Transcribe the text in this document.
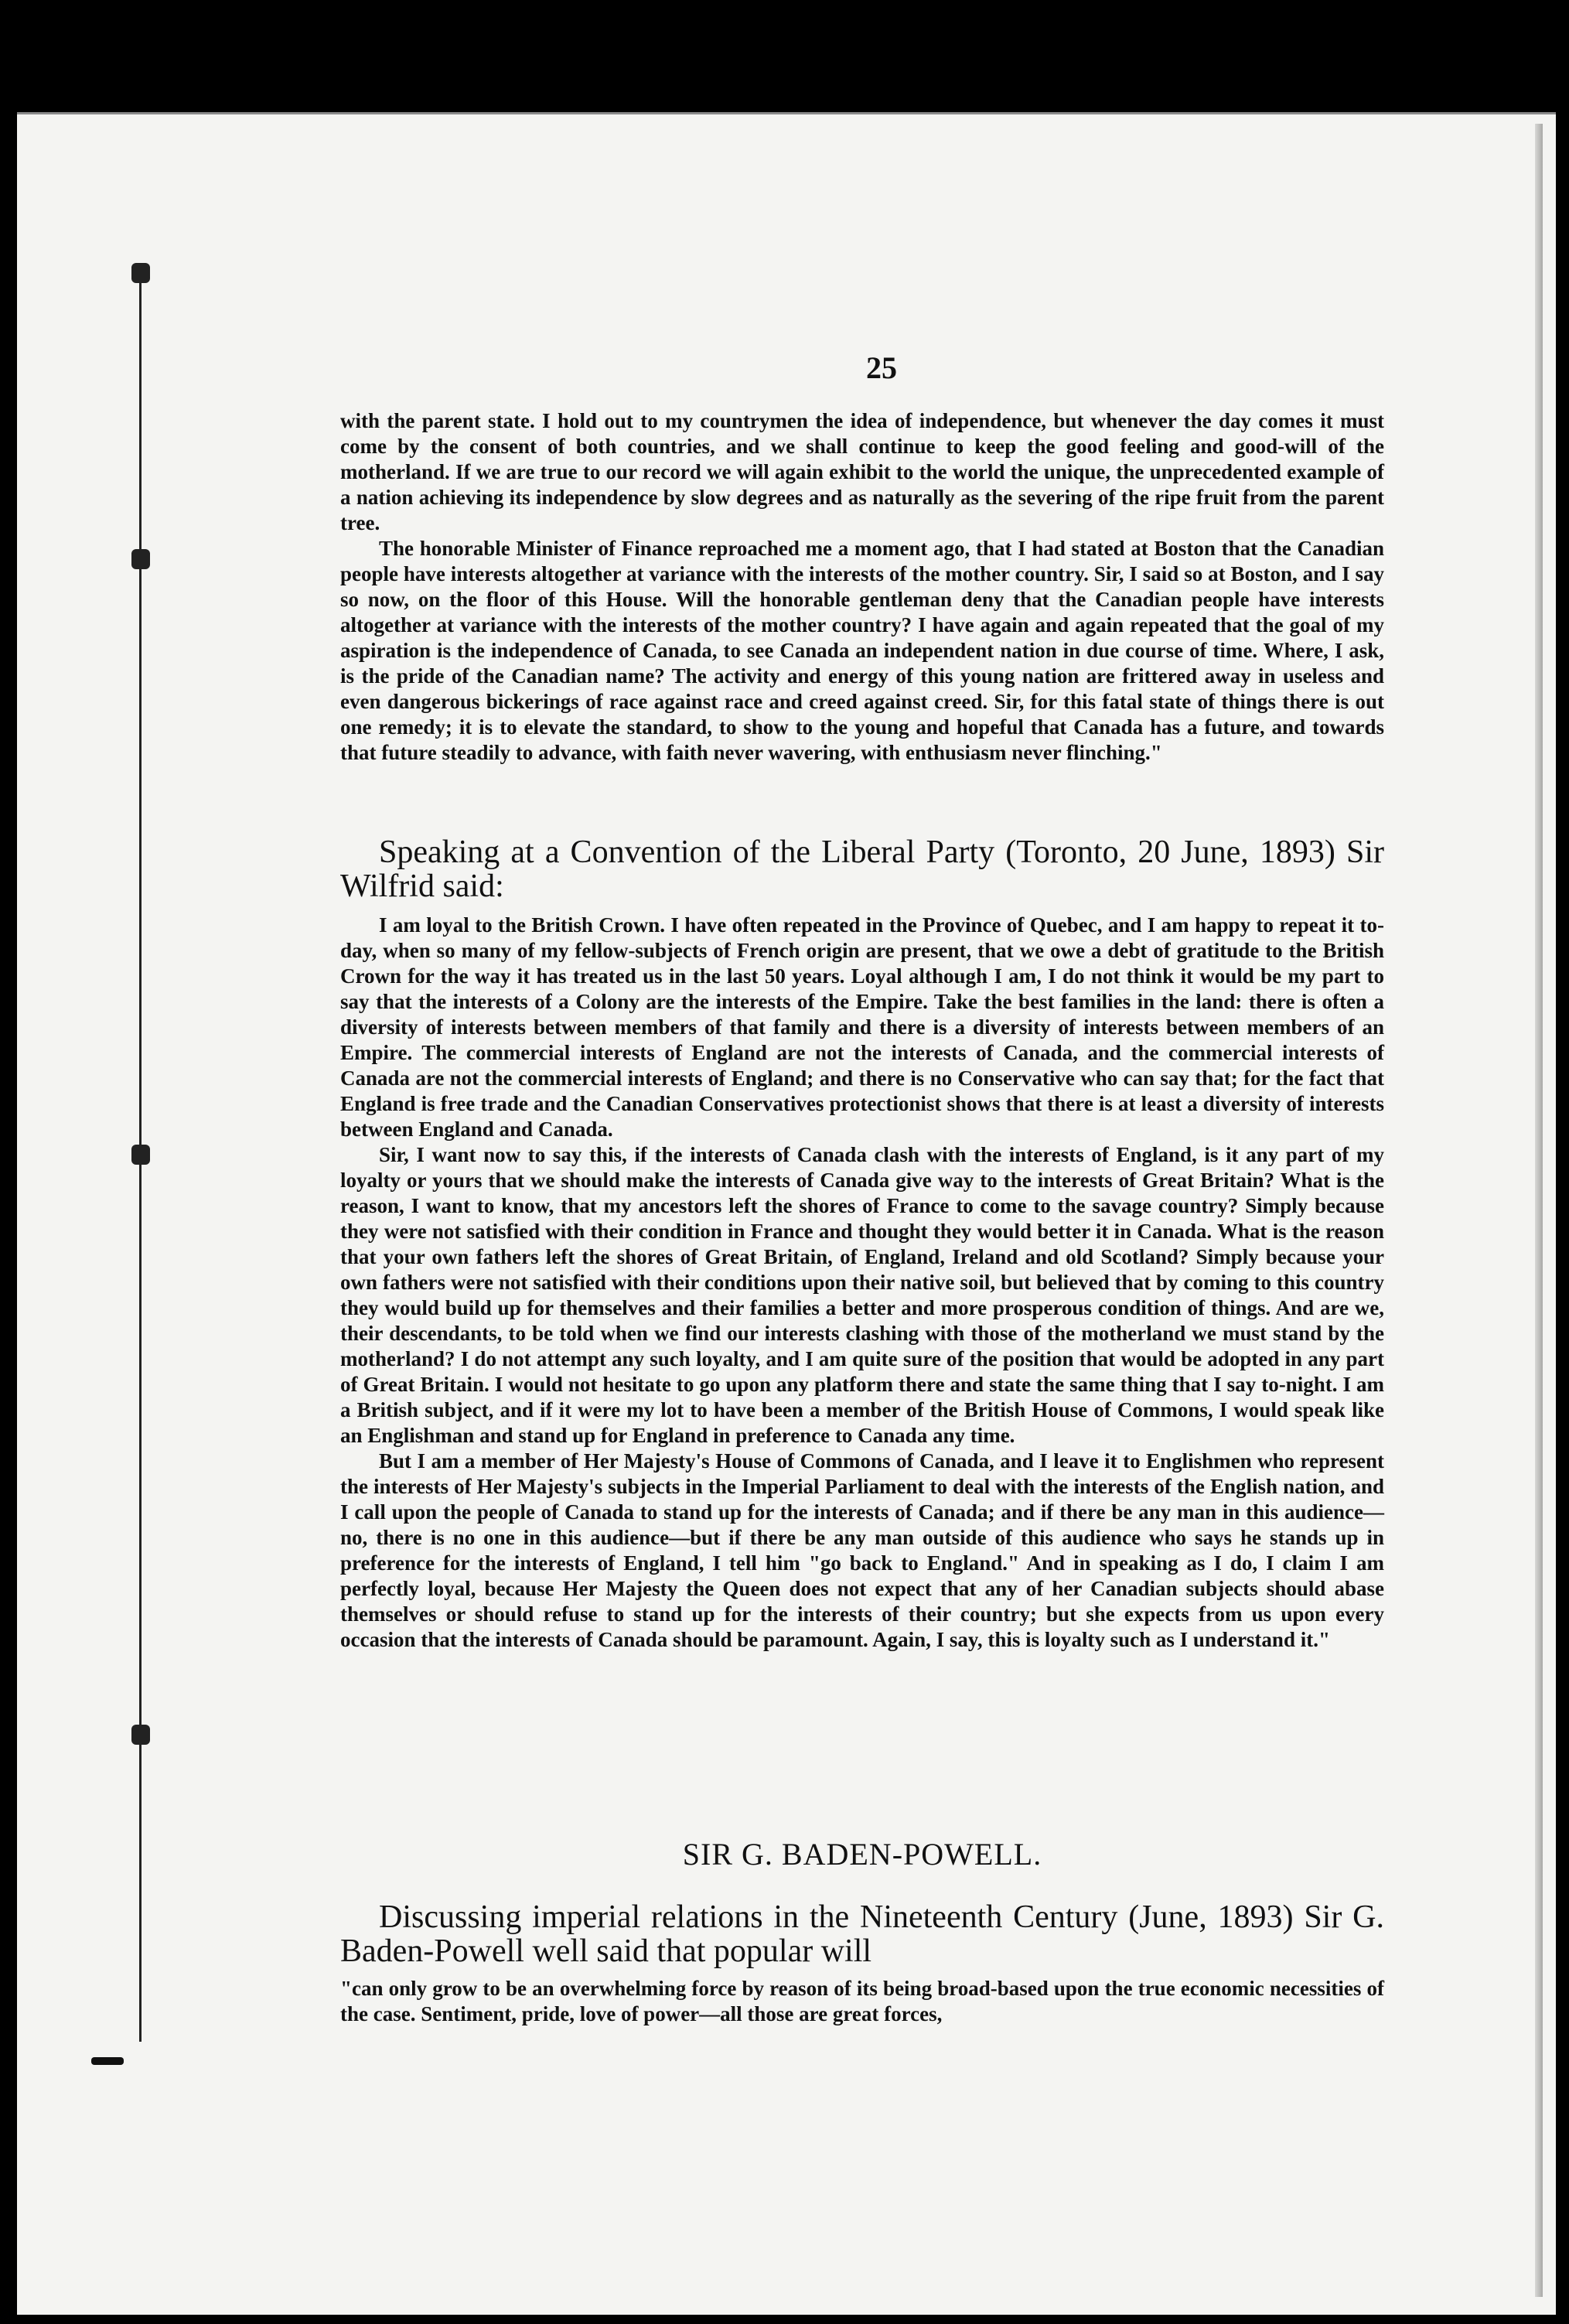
25

with the parent state. I hold out to my countrymen the idea of independence, but whenever the day comes it must come by the consent of both countries, and we shall continue to keep the good feeling and good-will of the motherland. If we are true to our record we will again exhibit to the world the unique, the unprecedented example of a nation achieving its independence by slow degrees and as naturally as the severing of the ripe fruit from the parent tree.

The honorable Minister of Finance reproached me a moment ago, that I had stated at Boston that the Canadian people have interests altogether at variance with the interests of the mother country. Sir, I said so at Boston, and I say so now, on the floor of this House. Will the honorable gentleman deny that the Canadian people have interests altogether at variance with the interests of the mother country? I have again and again repeated that the goal of my aspiration is the independence of Canada, to see Canada an independent nation in due course of time. Where, I ask, is the pride of the Canadian name? The activity and energy of this young nation are frittered away in useless and even dangerous bickerings of race against race and creed against creed. Sir, for this fatal state of things there is out one remedy; it is to elevate the standard, to show to the young and hopeful that Canada has a future, and towards that future steadily to advance, with faith never wavering, with enthusiasm never flinching."

Speaking at a Convention of the Liberal Party (Toronto, 20 June, 1893) Sir Wilfrid said:

I am loyal to the British Crown. I have often repeated in the Province of Quebec, and I am happy to repeat it to-day, when so many of my fellow-subjects of French origin are present, that we owe a debt of gratitude to the British Crown for the way it has treated us in the last 50 years. Loyal although I am, I do not think it would be my part to say that the interests of a Colony are the interests of the Empire. Take the best families in the land: there is often a diversity of interests between members of that family and there is a diversity of interests between members of an Empire. The commercial interests of England are not the interests of Canada, and the commercial interests of Canada are not the commercial interests of England; and there is no Conservative who can say that; for the fact that England is free trade and the Canadian Conservatives protectionist shows that there is at least a diversity of interests between England and Canada.

Sir, I want now to say this, if the interests of Canada clash with the interests of England, is it any part of my loyalty or yours that we should make the interests of Canada give way to the interests of Great Britain? What is the reason, I want to know, that my ancestors left the shores of France to come to the savage country? Simply because they were not satisfied with their condition in France and thought they would better it in Canada. What is the reason that your own fathers left the shores of Great Britain, of England, Ireland and old Scotland? Simply because your own fathers were not satisfied with their conditions upon their native soil, but believed that by coming to this country they would build up for themselves and their families a better and more prosperous condition of things. And are we, their descendants, to be told when we find our interests clashing with those of the motherland we must stand by the motherland? I do not attempt any such loyalty, and I am quite sure of the position that would be adopted in any part of Great Britain. I would not hesitate to go upon any platform there and state the same thing that I say to-night. I am a British subject, and if it were my lot to have been a member of the British House of Commons, I would speak like an Englishman and stand up for England in preference to Canada any time.

But I am a member of Her Majesty's House of Commons of Canada, and I leave it to Englishmen who represent the interests of Her Majesty's subjects in the Imperial Parliament to deal with the interests of the English nation, and I call upon the people of Canada to stand up for the interests of Canada; and if there be any man in this audience—no, there is no one in this audience—but if there be any man outside of this audience who says he stands up in preference for the interests of England, I tell him "go back to England." And in speaking as I do, I claim I am perfectly loyal, because Her Majesty the Queen does not expect that any of her Canadian subjects should abase themselves or should refuse to stand up for the interests of their country; but she expects from us upon every occasion that the interests of Canada should be paramount. Again, I say, this is loyalty such as I understand it."

SIR G. BADEN-POWELL.

Discussing imperial relations in the Nineteenth Century (June, 1893) Sir G. Baden-Powell well said that popular will

"can only grow to be an overwhelming force by reason of its being broad-based upon the true economic necessities of the case. Sentiment, pride, love of power—all those are great forces,
